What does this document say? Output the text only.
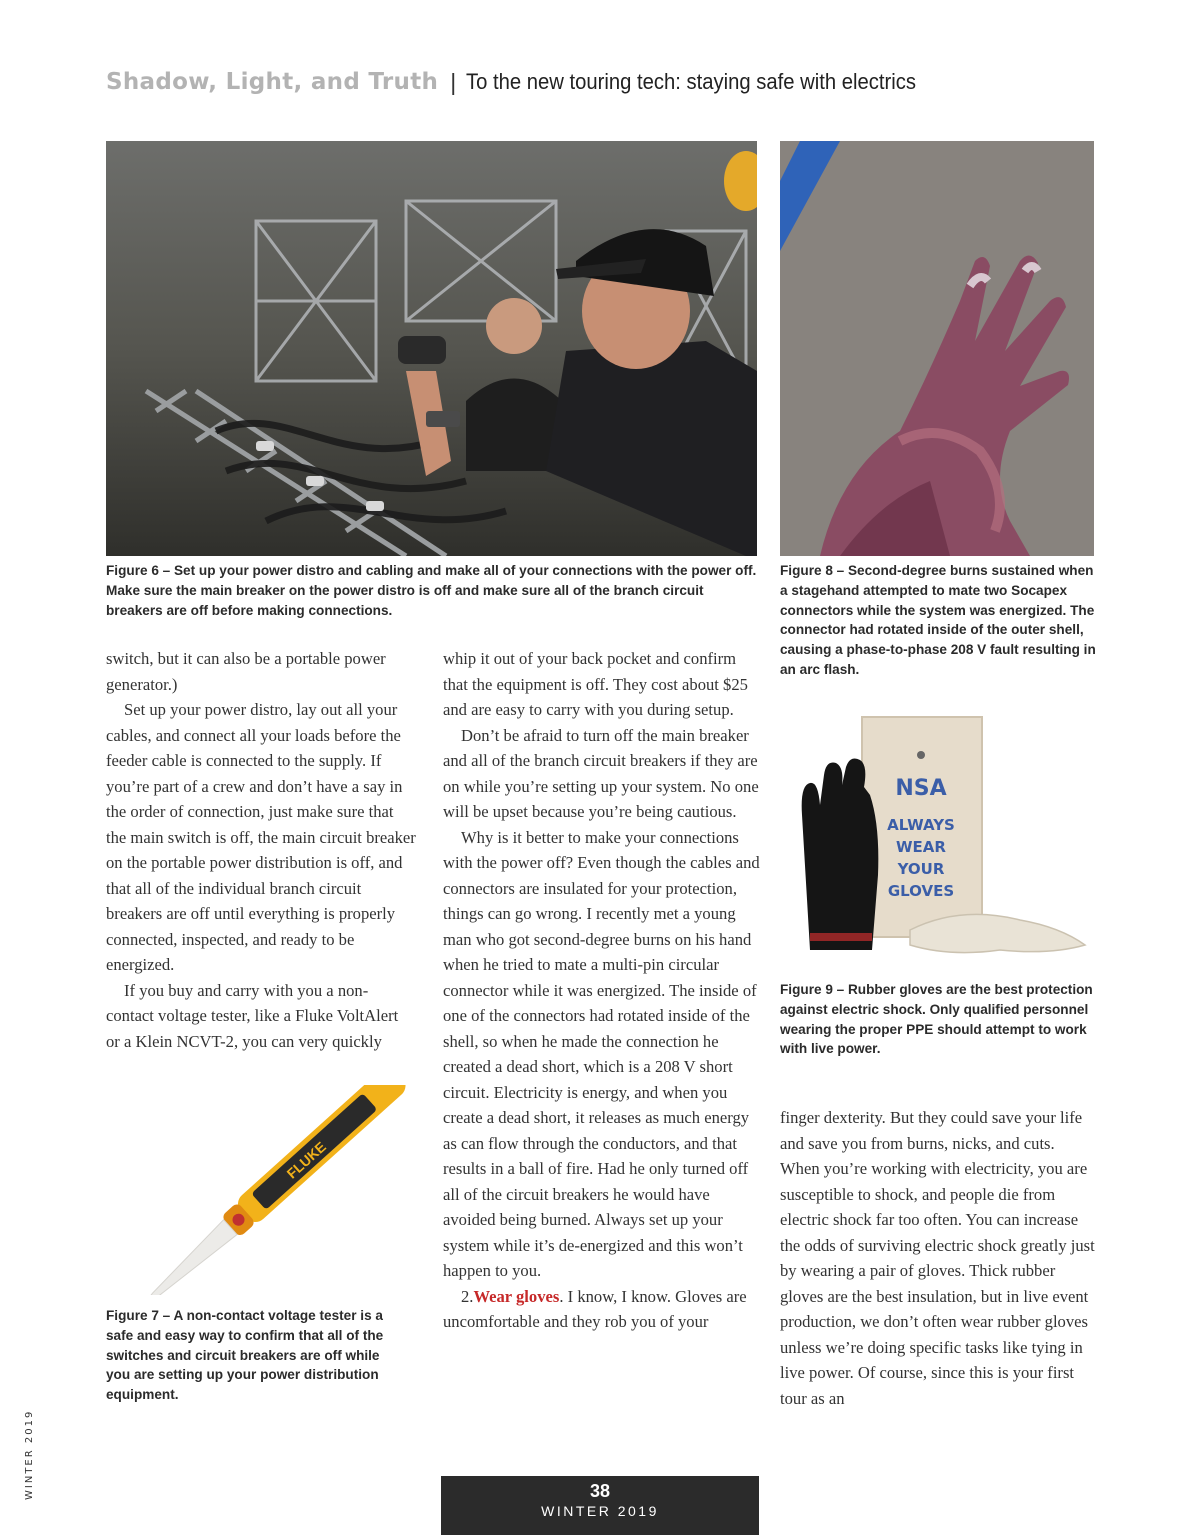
Shadow, Light, and Truth | To the new touring tech: staying safe with electrics

Figure 6 – Set up your power distro and cabling and make all of your connections with the power off. Make sure the main breaker on the power distro is off and make sure all of the branch circuit breakers are off before making connections.

Figure 8 – Second-degree burns sustained when a stagehand attempted to mate two Socapex connectors while the system was energized. The connector had rotated inside of the outer shell, causing a phase-to-phase 208 V fault resulting in an arc flash.

switch, but it can also be a portable power generator.)

Set up your power distro, lay out all your cables, and connect all your loads before the feeder cable is connected to the supply. If you’re part of a crew and don’t have a say in the order of connection, just make sure that the main switch is off, the main circuit breaker on the portable power distribution is off, and that all of the individual branch circuit breakers are off until everything is properly connected, inspected, and ready to be energized.

If you buy and carry with you a non-contact voltage tester, like a Fluke VoltAlert or a Klein NCVT-2, you can very quickly

FLUKE

Figure 7 – A non-contact voltage tester is a safe and easy way to confirm that all of the switches and circuit breakers are off while you are setting up your power distribution equipment.

whip it out of your back pocket and confirm that the equipment is off. They cost about $25 and are easy to carry with you during setup.

Don’t be afraid to turn off the main breaker and all of the branch circuit breakers if they are on while you’re setting up your system. No one will be upset because you’re being cautious.

Why is it better to make your connections with the power off? Even though the cables and connectors are insulated for your protection, things can go wrong. I recently met a young man who got second-degree burns on his hand when he tried to mate a multi-pin circular connector while it was energized. The inside of one of the connectors had rotated inside of the shell, so when he made the connection he created a dead short, which is a 208 V short circuit. Electricity is energy, and when you create a dead short, it releases as much energy as can flow through the conductors, and that results in a ball of fire. Had he only turned off all of the circuit breakers he would have avoided being burned. Always set up your system while it’s de-energized and this won’t happen to you.

2.Wear gloves. I know, I know. Gloves are uncomfortable and they rob you of your

NSA
ALWAYS
WEAR
YOUR
GLOVES

Figure 9 – Rubber gloves are the best protection against electric shock. Only qualified personnel wearing the proper PPE should attempt to work with live power.

finger dexterity. But they could save your life and save you from burns, nicks, and cuts. When you’re working with electricity, you are susceptible to shock, and people die from electric shock far too often. You can increase the odds of surviving electric shock greatly just by wearing a pair of gloves. Thick rubber gloves are the best insulation, but in live event production, we don’t often wear rubber gloves unless we’re doing specific tasks like tying in live power. Of course, since this is your first tour as an

WINTER 2019	38
WINTER 2019
